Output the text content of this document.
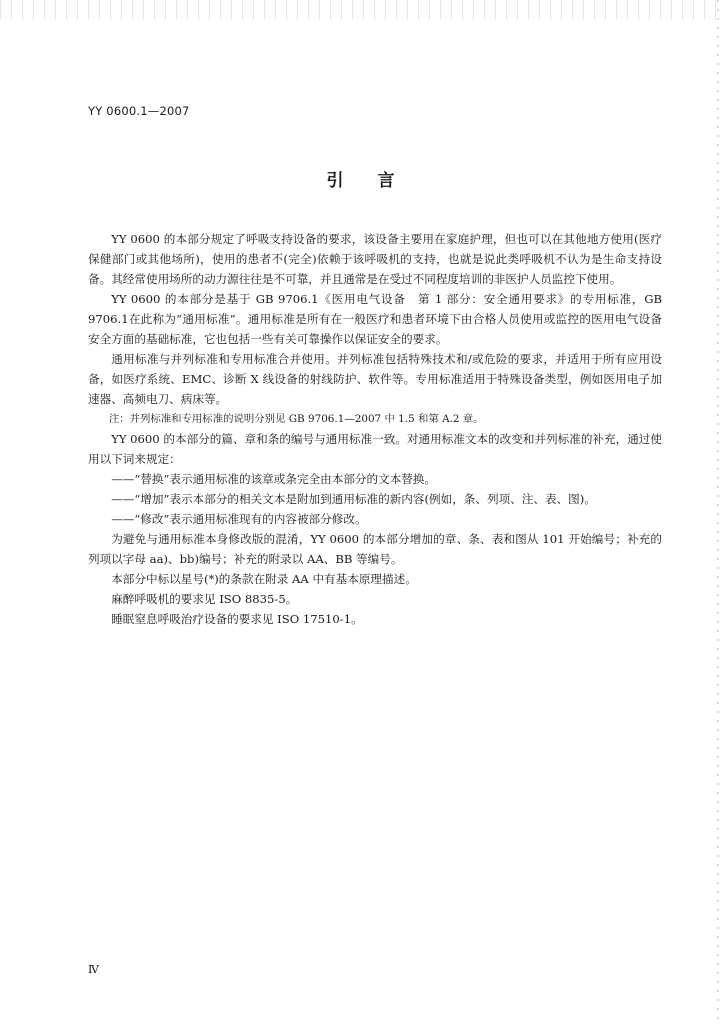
YY 0600.1—2007
引言

YY 0600 的本部分规定了呼吸支持设备的要求，该设备主要用在家庭护理，但也可以在其他地方使用(医疗保健部门或其他场所)，使用的患者不(完全)依赖于该呼吸机的支持，也就是说此类呼吸机不认为是生命支持设备。其经常使用场所的动力源往往是不可靠，并且通常是在受过不同程度培训的非医护人员监控下使用。

YY 0600 的本部分是基于 GB 9706.1《医用电气设备　第 1 部分：安全通用要求》的专用标准，GB 9706.1在此称为“通用标准”。通用标准是所有在一般医疗和患者环境下由合格人员使用或监控的医用电气设备安全方面的基础标准，它也包括一些有关可靠操作以保证安全的要求。

通用标准与并列标准和专用标准合并使用。并列标准包括特殊技术和/或危险的要求，并适用于所有应用设备，如医疗系统、EMC、诊断 X 线设备的射线防护、软件等。专用标准适用于特殊设备类型，例如医用电子加速器、高频电刀、病床等。

注：并列标准和专用标准的说明分别见 GB 9706.1—2007 中 1.5 和第 A.2 章。

YY 0600 的本部分的篇、章和条的编号与通用标准一致。对通用标准文本的改变和并列标准的补充，通过使用以下词来规定：

——“替换”表示通用标准的该章或条完全由本部分的文本替换。

——“增加”表示本部分的相关文本是附加到通用标准的新内容(例如，条、列项、注、表、图)。

——“修改”表示通用标准现有的内容被部分修改。

为避免与通用标准本身修改版的混淆，YY 0600 的本部分增加的章、条、表和图从 101 开始编号；补充的列项以字母 aa)、bb)编号；补充的附录以 AA、BB 等编号。

本部分中标以星号(*)的条款在附录 AA 中有基本原理描述。

麻醉呼吸机的要求见 ISO 8835-5。

睡眠窒息呼吸治疗设备的要求见 ISO 17510-1。

Ⅳ
